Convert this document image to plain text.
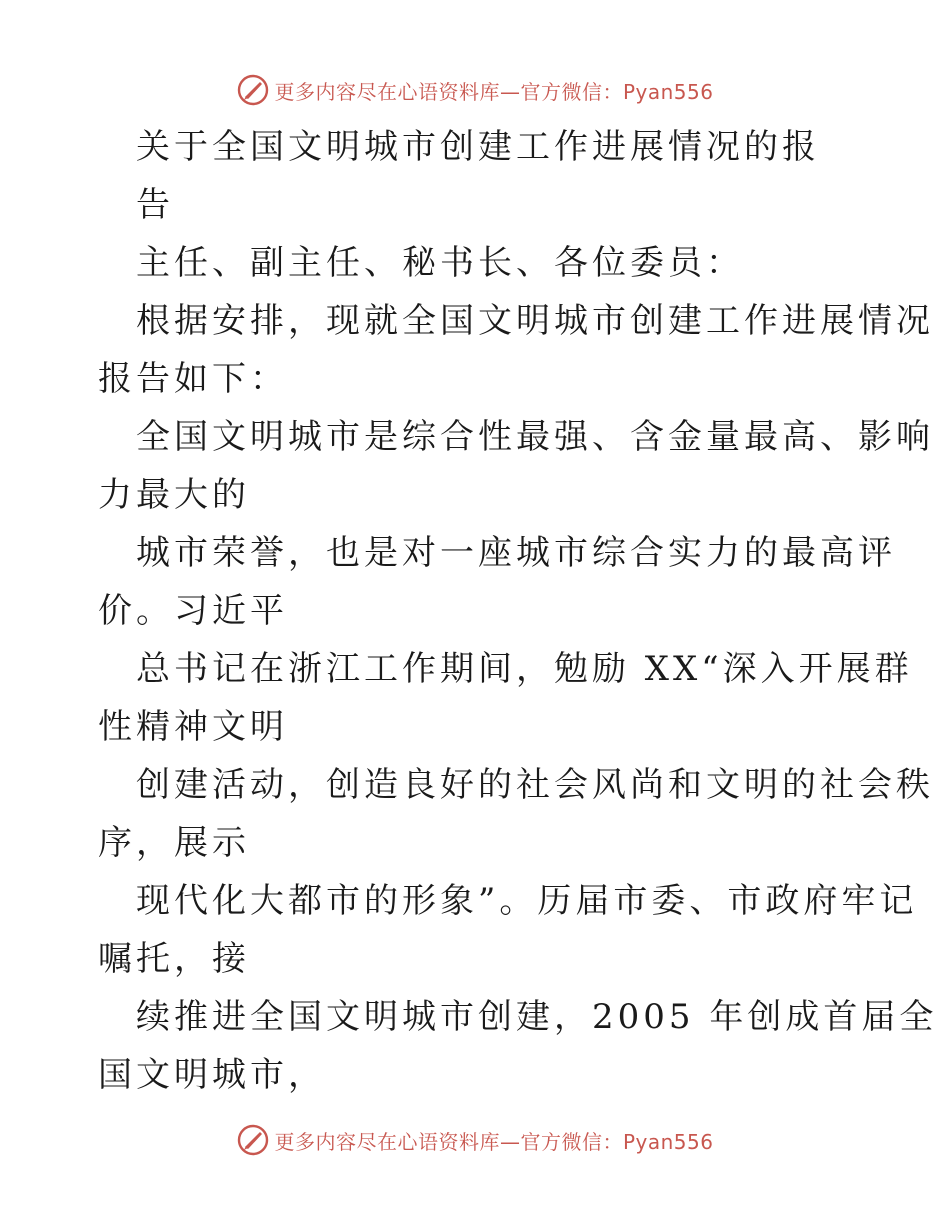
更多内容尽在心语资料库—官方微信：Pyan556
关于全国文明城市创建工作进展情况的报
告
主任、副主任、秘书长、各位委员：
根据安排，现就全国文明城市创建工作进展情况
报告如下：
全国文明城市是综合性最强、含金量最高、影响
力最大的
城市荣誉，也是对一座城市综合实力的最高评
价。习近平
总书记在浙江工作期间，勉励 XX“深入开展群
性精神文明
创建活动，创造良好的社会风尚和文明的社会秩
序，展示
现代化大都市的形象”。历届市委、市政府牢记
嘱托，接
续推进全国文明城市创建，2005 年创成首届全
国文明城市，
更多内容尽在心语资料库—官方微信：Pyan556
